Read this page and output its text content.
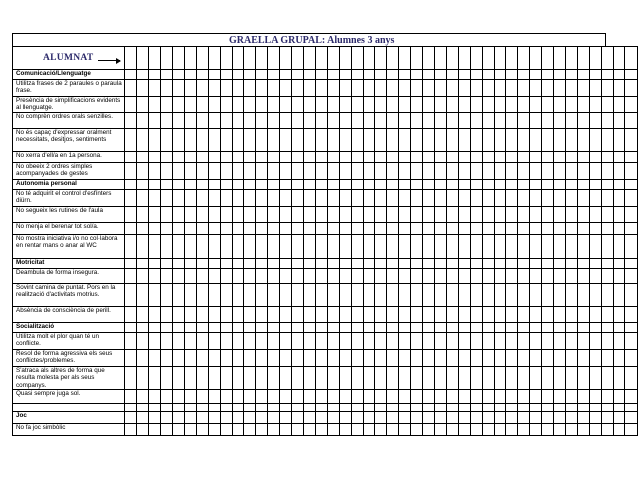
GRAELLA GRUPAL: Alumnes 3 anys
ALUMNAT																																											

Comunicació/Llenguatge																																											
Utilitza frases de 2 paraules o paraula frase.																																											
Presència de simplificacions evidents al llenguatge.																																											
No comprèn ordres orals senzilles.																																											
No és capaç d'expressar oralment necessitats, desitjos, sentiments																																											
No xerra d'ell/a en 1a persona.																																											
No obeeix 2 ordres simples acompanyades de gestes																																											
Autonomia personal																																											
No té adquirit el control d'esfínters diürn.																																											
No segueix les rutines de l'aula																																											
No menja el berenar tot sol/a.																																											
No mostra iniciativa i/o no col·labora en rentar mans o anar al WC																																											
Motricitat																																											
Deambula de forma insegura.																																											
Sovint camina de puntat. Pors en la realització d'activitats motrius.																																											
Absència de consciència de perill.																																											
Socialització																																											
Utilitza molt el plor quan té un conflicte.																																											
Resol de forma agressiva els seus conflictes/problemes.																																											
S'atraca als altres de forma que resulta molesta per als seus companys.																																											
Quasi sempre juga sol.																																											

Joc																																											
No fa joc simbòlic																																											
